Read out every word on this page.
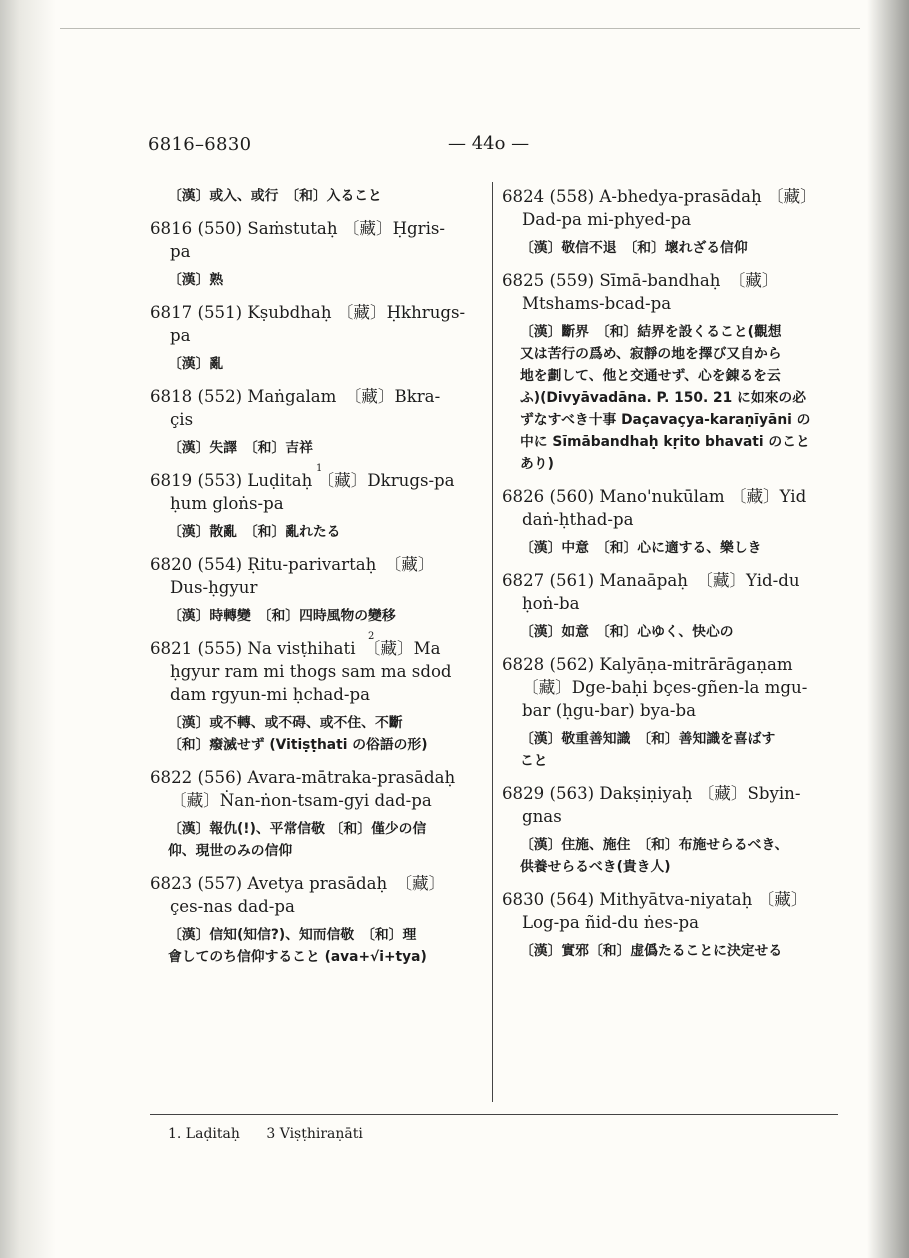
6816–6830	— 44o —
〔漢〕或入、或行　〔和〕入ること

6816 (550) Saṁstutaḥ 〔藏〕Ḥgris-

pa

〔漢〕熟

6817 (551) Kṣubdhaḥ 〔藏〕Ḥkhrugs-

pa

〔漢〕亂

6818 (552) Maṅgalam　〔藏〕Bkra-

çis

〔漢〕失譯　〔和〕吉祥
1

6819 (553) Luḍitaḥ 〔藏〕Dkrugs-pa

ḥum gloṅs-pa

〔漢〕散亂　〔和〕亂れたる

6820 (554) Ṛitu-parivartaḥ　〔藏〕

Dus-ḥgyur

〔漢〕時轉變　〔和〕四時風物の變移
2

6821 (555) Na visṭhihati　〔藏〕Ma

ḥgyur ram mi thogs sam ma sdod

dam rgyun-mi ḥchad-pa

〔漢〕或不轉、或不碍、或不住、不斷
〔和〕癈滅せず (Vitiṣṭhati の俗語の形)

6822 (556) Avara-mātraka-prasādaḥ

〔藏〕Ṅan-ṅon-tsam-gyi dad-pa

〔漢〕報仇(!)、平常信敬 〔和〕僅少の信
仰、現世のみの信仰

6823 (557) Avetya prasādaḥ　〔藏〕

çes-nas dad-pa

〔漢〕信知(知信?)、知而信敬　〔和〕理
會してのち信仰すること (ava+√i+tya)

6824 (558) A-bhedya-prasādaḥ 〔藏〕

Dad-pa mi-phyed-pa

〔漢〕敬信不退　〔和〕壞れざる信仰

6825 (559) Sīmā-bandhaḥ　〔藏〕

Mtshams-bcad-pa

〔漢〕斷界　〔和〕結界を設くること(觀想
又は苦行の爲め、寂靜の地を擇び又自から
地を劃して、他と交通せず、心を錬るを云
ふ)(Divyāvadāna. P. 150. 21 に如來の必
ずなすべき十事 Daçavaçya-karaṇīyāni の
中に Sīmābandhaḥ kṛito bhavati のこと
あり)

6826 (560) Mano'nukūlam 〔藏〕Yid

daṅ-ḥthad-pa

〔漢〕中意　〔和〕心に適する、樂しき

6827 (561) Manaāpaḥ　〔藏〕Yid-du

ḥoṅ-ba

〔漢〕如意　〔和〕心ゆく、快心の

6828 (562) Kalyāṇa-mitrārāgaṇam

〔藏〕Dge-baḥi bçes-gñen-la mgu-

bar (ḥgu-bar) bya-ba

〔漢〕敬重善知識　〔和〕善知識を喜ばす
こと

6829 (563) Dakṣiṇiyaḥ 〔藏〕Sbyin-

gnas

〔漢〕住施、施住　〔和〕布施せらるべき、
供養せらるべき(貴き人)

6830 (564) Mithyātva-niyataḥ 〔藏〕

Log-pa ñid-du ṅes-pa

〔漢〕實邪〔和〕虚僞たることに決定せる
1. Laḍitaḥ 3 Viṣṭhiraṇāti
